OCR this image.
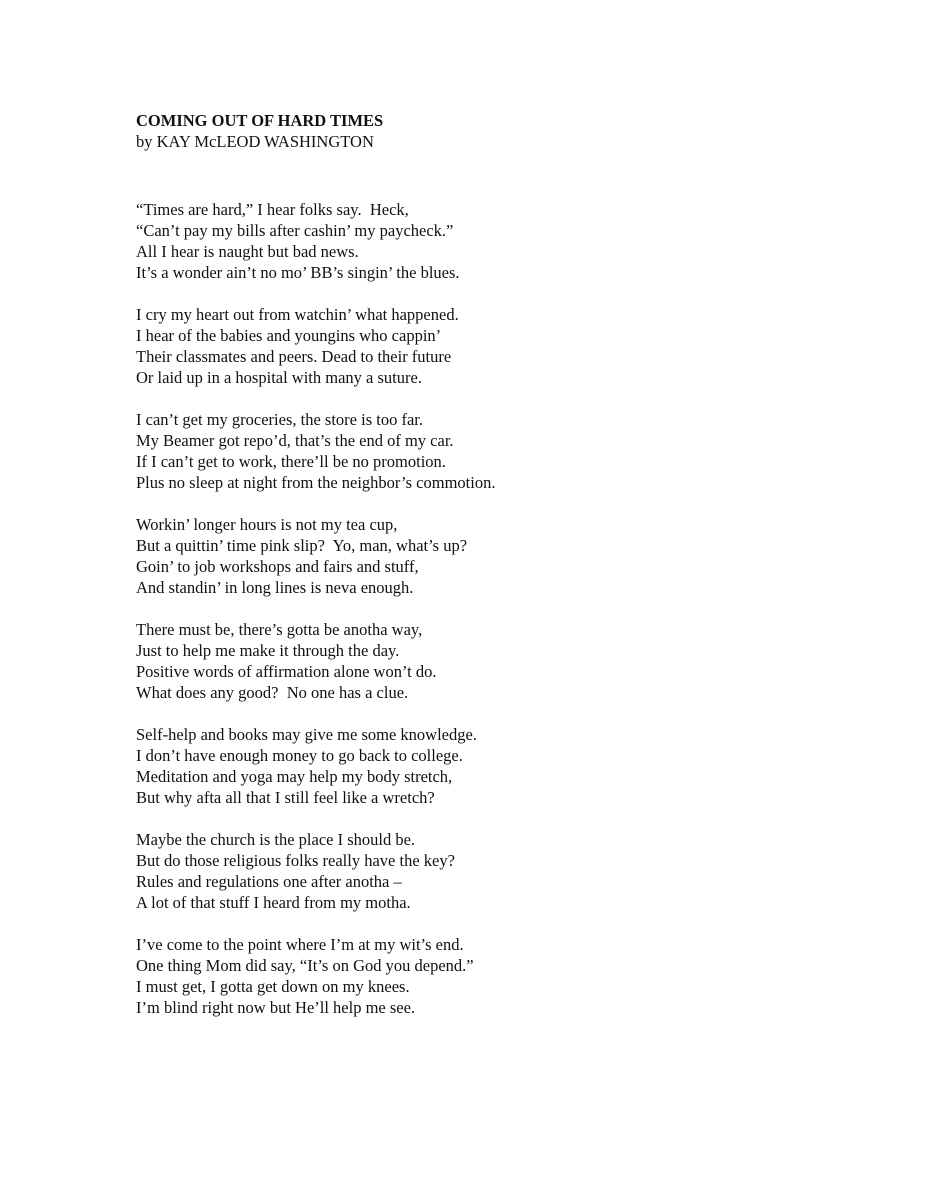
COMING OUT OF HARD TIMES

by KAY McLEOD WASHINGTON

“Times are hard,” I hear folks say.  Heck,
“Can’t pay my bills after cashin’ my paycheck.”
All I hear is naught but bad news.
It’s a wonder ain’t no mo’ BB’s singin’ the blues.
I cry my heart out from watchin’ what happened.
I hear of the babies and youngins who cappin’
Their classmates and peers. Dead to their future
Or laid up in a hospital with many a suture.
I can’t get my groceries, the store is too far.
My Beamer got repo’d, that’s the end of my car.
If I can’t get to work, there’ll be no promotion.
Plus no sleep at night from the neighbor’s commotion.
Workin’ longer hours is not my tea cup,
But a quittin’ time pink slip?  Yo, man, what’s up?
Goin’ to job workshops and fairs and stuff,
And standin’ in long lines is neva enough.
There must be, there’s gotta be anotha way,
Just to help me make it through the day.
Positive words of affirmation alone won’t do.
What does any good?  No one has a clue.
Self-help and books may give me some knowledge.
I don’t have enough money to go back to college.
Meditation and yoga may help my body stretch,
But why afta all that I still feel like a wretch?
Maybe the church is the place I should be.
But do those religious folks really have the key?
Rules and regulations one after anotha –
A lot of that stuff I heard from my motha.
I’ve come to the point where I’m at my wit’s end.
One thing Mom did say, “It’s on God you depend.”
I must get, I gotta get down on my knees.
I’m blind right now but He’ll help me see.
